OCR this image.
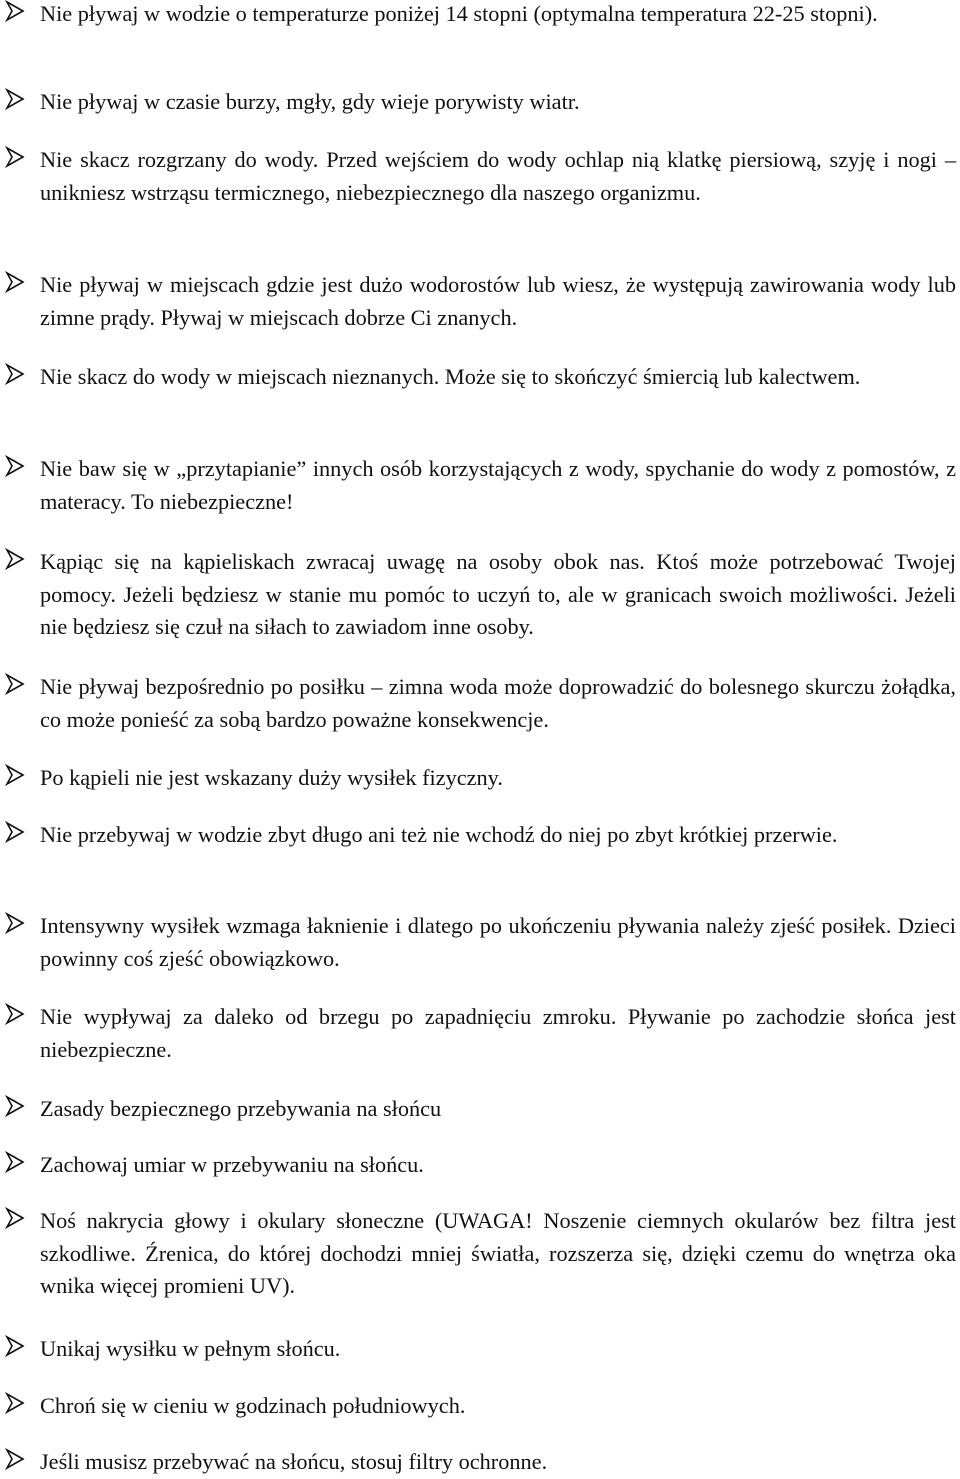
Nie pływaj w wodzie o temperaturze poniżej 14 stopni (optymalna temperatura 22-25 stopni).

Nie pływaj w czasie burzy, mgły, gdy wieje porywisty wiatr.

Nie skacz rozgrzany do wody. Przed wejściem do wody ochlap nią klatkę piersiową, szyję i nogi – unikniesz wstrząsu termicznego, niebezpiecznego dla naszego organizmu.

Nie pływaj w miejscach gdzie jest dużo wodorostów lub wiesz, że występują zawirowania wody lub zimne prądy. Pływaj w miejscach dobrze Ci znanych.

Nie skacz do wody w miejscach nieznanych. Może się to skończyć śmiercią lub kalectwem.

Nie baw się w „przytapianie” innych osób korzystających z wody, spychanie do wody z pomostów, z materacy. To niebezpieczne!

Kąpiąc się na kąpieliskach zwracaj uwagę na osoby obok nas. Ktoś może potrzebować Twojej pomocy. Jeżeli będziesz w stanie mu pomóc to uczyń to, ale w granicach swoich możliwości. Jeżeli nie będziesz się czuł na siłach to zawiadom inne osoby.

Nie pływaj bezpośrednio po posiłku – zimna woda może doprowadzić do bolesnego skurczu żołądka, co może ponieść za sobą bardzo poważne konsekwencje.

Po kąpieli nie jest wskazany duży wysiłek fizyczny.

Nie przebywaj w wodzie zbyt długo ani też nie wchodź do niej po zbyt krótkiej przerwie.

Intensywny wysiłek wzmaga łaknienie i dlatego po ukończeniu pływania należy zjeść posiłek. Dzieci powinny coś zjeść obowiązkowo.

Nie wypływaj za daleko od brzegu po zapadnięciu zmroku. Pływanie po zachodzie słońca jest niebezpieczne.

Zasady bezpiecznego przebywania na słońcu

Zachowaj umiar w przebywaniu na słońcu.

Noś nakrycia głowy i okulary słoneczne (UWAGA! Noszenie ciemnych okularów bez filtra jest szkodliwe. Źrenica, do której dochodzi mniej światła, rozszerza się, dzięki czemu do wnętrza oka wnika więcej promieni UV).

Unikaj wysiłku w pełnym słońcu.

Chroń się w cieniu w godzinach południowych.

Jeśli musisz przebywać na słońcu, stosuj filtry ochronne.
